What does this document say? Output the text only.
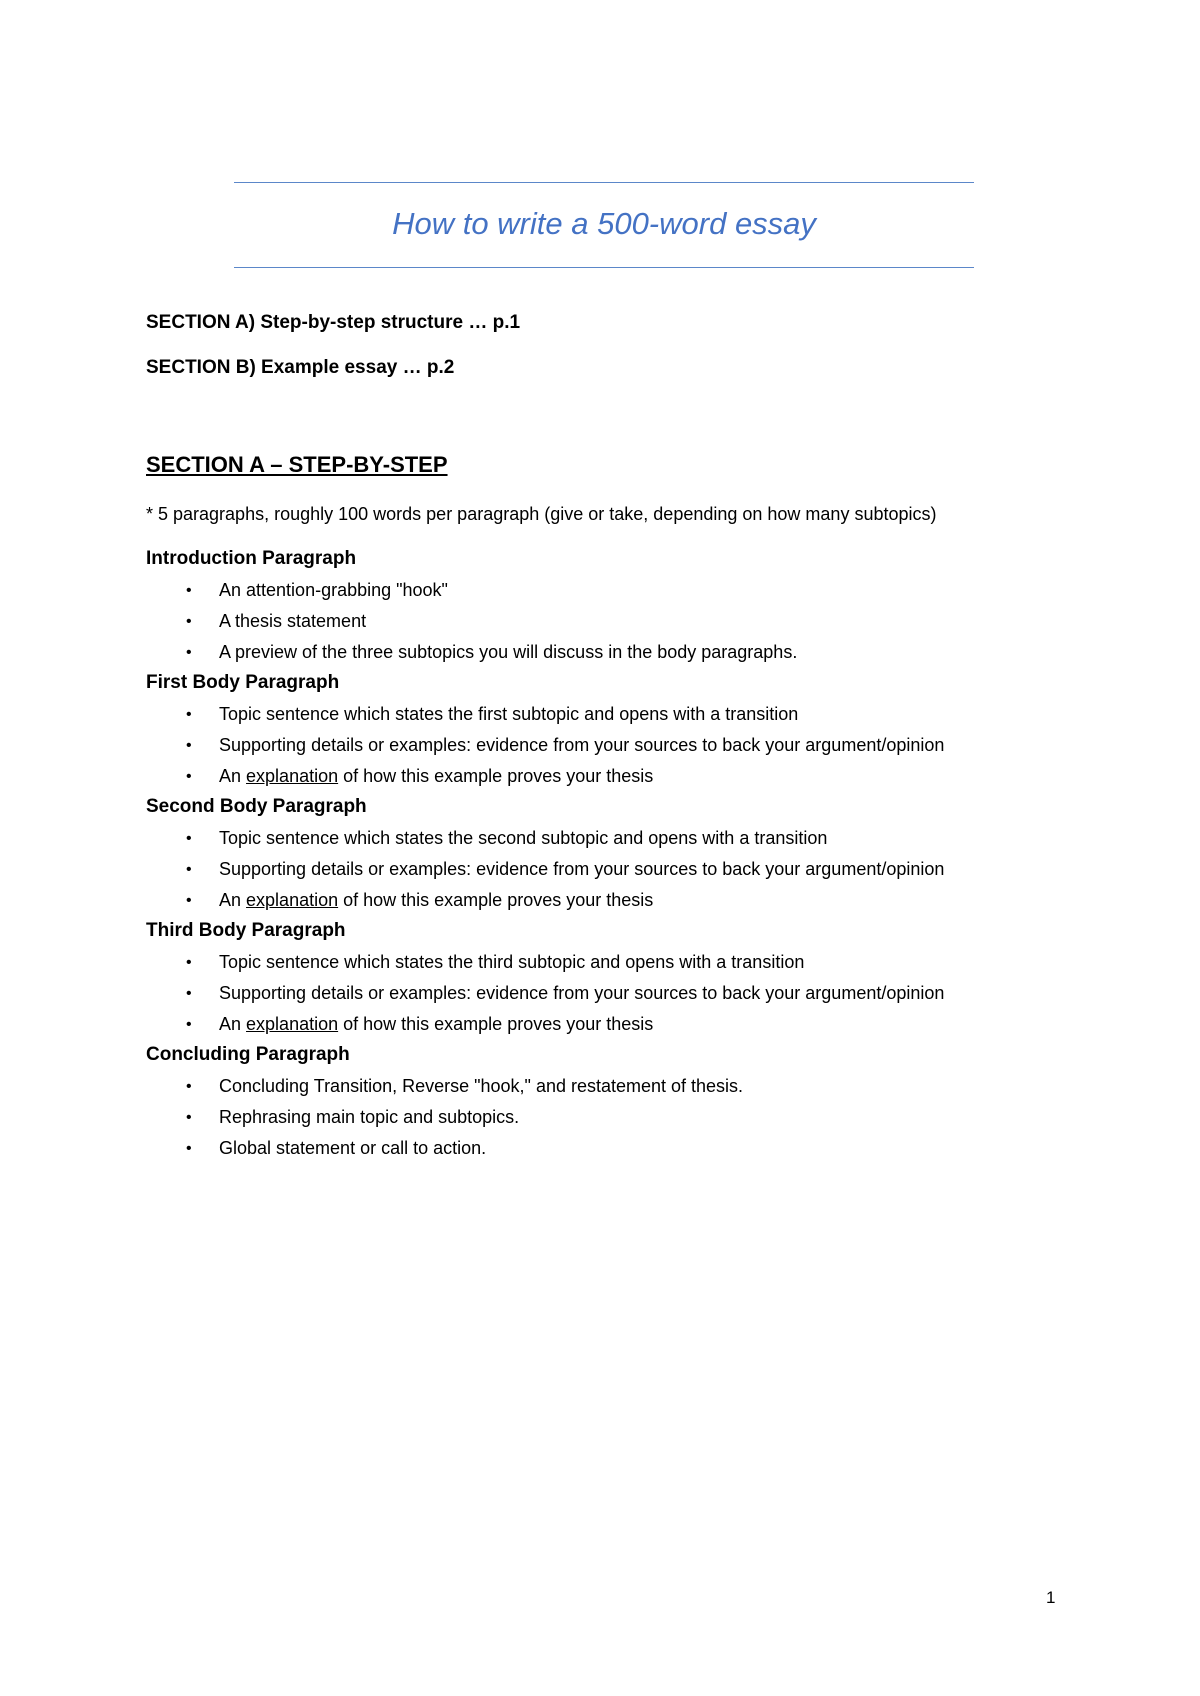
How to write a 500-word essay
SECTION A) Step-by-step structure … p.1
SECTION B) Example essay … p.2
SECTION A – STEP-BY-STEP
* 5 paragraphs, roughly 100 words per paragraph (give or take, depending on how many subtopics)
Introduction Paragraph
• An attention-grabbing "hook"
• A thesis statement
• A preview of the three subtopics you will discuss in the body paragraphs.
First Body Paragraph
• Topic sentence which states the first subtopic and opens with a transition
• Supporting details or examples: evidence from your sources to back your argument/opinion
• An explanation of how this example proves your thesis
Second Body Paragraph
• Topic sentence which states the second subtopic and opens with a transition
• Supporting details or examples: evidence from your sources to back your argument/opinion
• An explanation of how this example proves your thesis
Third Body Paragraph
• Topic sentence which states the third subtopic and opens with a transition
• Supporting details or examples: evidence from your sources to back your argument/opinion
• An explanation of how this example proves your thesis
Concluding Paragraph
• Concluding Transition, Reverse "hook," and restatement of thesis.
• Rephrasing main topic and subtopics.
• Global statement or call to action.
1
